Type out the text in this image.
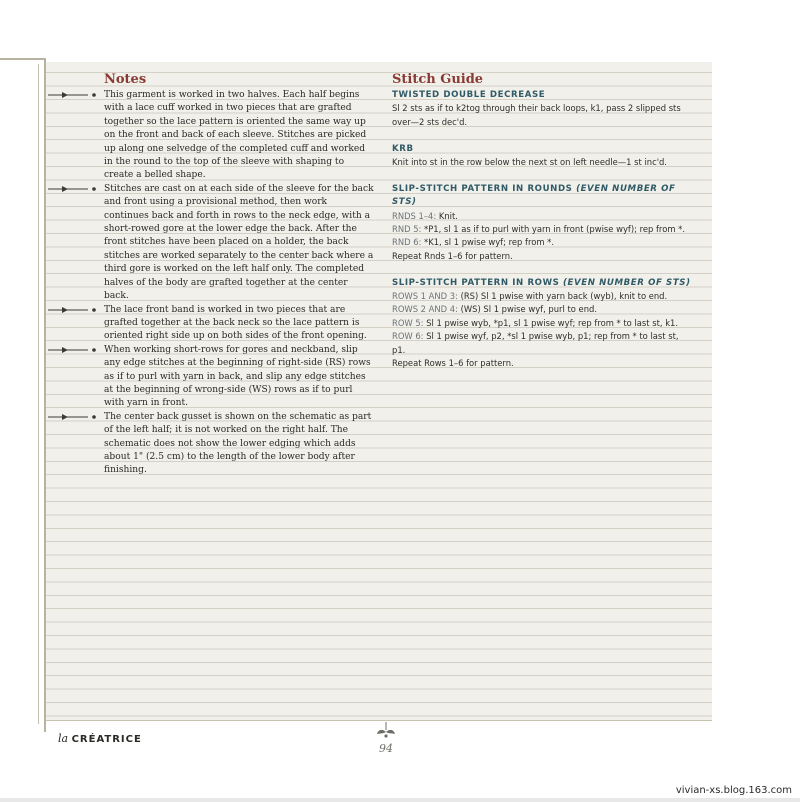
Notes

This garment is worked in two halves. Each half begins with a lace cuff worked in two pieces that are grafted together so the lace pattern is oriented the same way up on the front and back of each sleeve. Stitches are picked up along one selvedge of the completed cuff and worked in the round to the top of the sleeve with shaping to create a belled shape.

Stitches are cast on at each side of the sleeve for the back and front using a provisional method, then work continues back and forth in rows to the neck edge, with a short-rowed gore at the lower edge the back. After the front stitches have been placed on a holder, the back stitches are worked separately to the center back where a third gore is worked on the left half only. The completed halves of the body are grafted together at the center back.

The lace front band is worked in two pieces that are grafted together at the back neck so the lace pattern is oriented right side up on both sides of the front opening.

When working short-rows for gores and neckband, slip any edge stitches at the beginning of right-side (RS) rows as if to purl with yarn in back, and slip any edge stitches at the beginning of wrong-side (WS) rows as if to purl with yarn in front.

The center back gusset is shown on the schematic as part of the left half; it is not worked on the right half. The schematic does not show the lower edging which adds about 1" (2.5 cm) to the length of the lower body after finishing.

Stitch Guide

TWISTED DOUBLE DECREASE

Sl 2 sts as if to k2tog through their back loops, k1, pass 2 slipped sts over—2 sts dec'd.

KRB

Knit into st in the row below the next st on left needle—1 st inc'd.

SLIP-STITCH PATTERN IN ROUNDS (EVEN NUMBER OF STS)

RNDS 1–4: Knit.

RND 5: *P1, sl 1 as if to purl with yarn in front (pwise wyf); rep from *.

RND 6: *K1, sl 1 pwise wyf; rep from *.

Repeat Rnds 1–6 for pattern.

SLIP-STITCH PATTERN IN ROWS (EVEN NUMBER OF STS)

ROWS 1 AND 3: (RS) Sl 1 pwise with yarn back (wyb), knit to end.

ROWS 2 AND 4: (WS) Sl 1 pwise wyf, purl to end.

ROW 5: Sl 1 pwise wyb, *p1, sl 1 pwise wyf; rep from * to last st, k1.

ROW 6: Sl 1 pwise wyf, p2, *sl 1 pwise wyb, p1; rep from * to last st, p1.

Repeat Rows 1–6 for pattern.

la CRÉATRICE
94
vivian-xs.blog.163.com
